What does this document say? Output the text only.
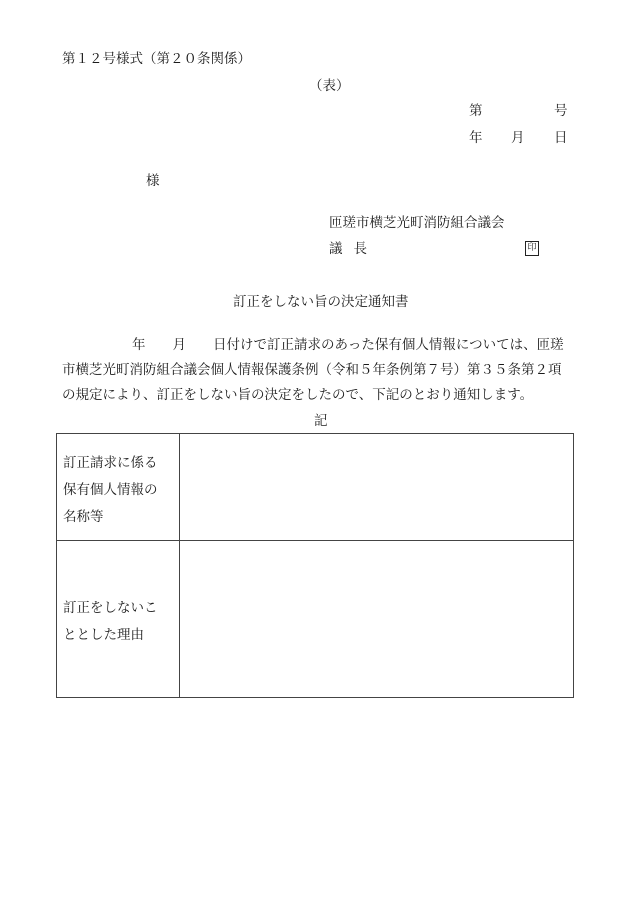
第１２号様式（第２０条関係）
（表）
第	号
年 月 日
様
匝瑳市横芝光町消防組合議会
議長	印
訂正をしない旨の決定通知書
年　　月　　日付けで訂正請求のあった保有個人情報については、匝瑳
市横芝光町消防組合議会個人情報保護条例（令和５年条例第７号）第３５条第２項
の規定により、訂正をしない旨の決定をしたので、下記のとおり通知します。
記
訂正請求に係る
保有個人情報の
名称等	

訂正をしないこ
ととした理由	
